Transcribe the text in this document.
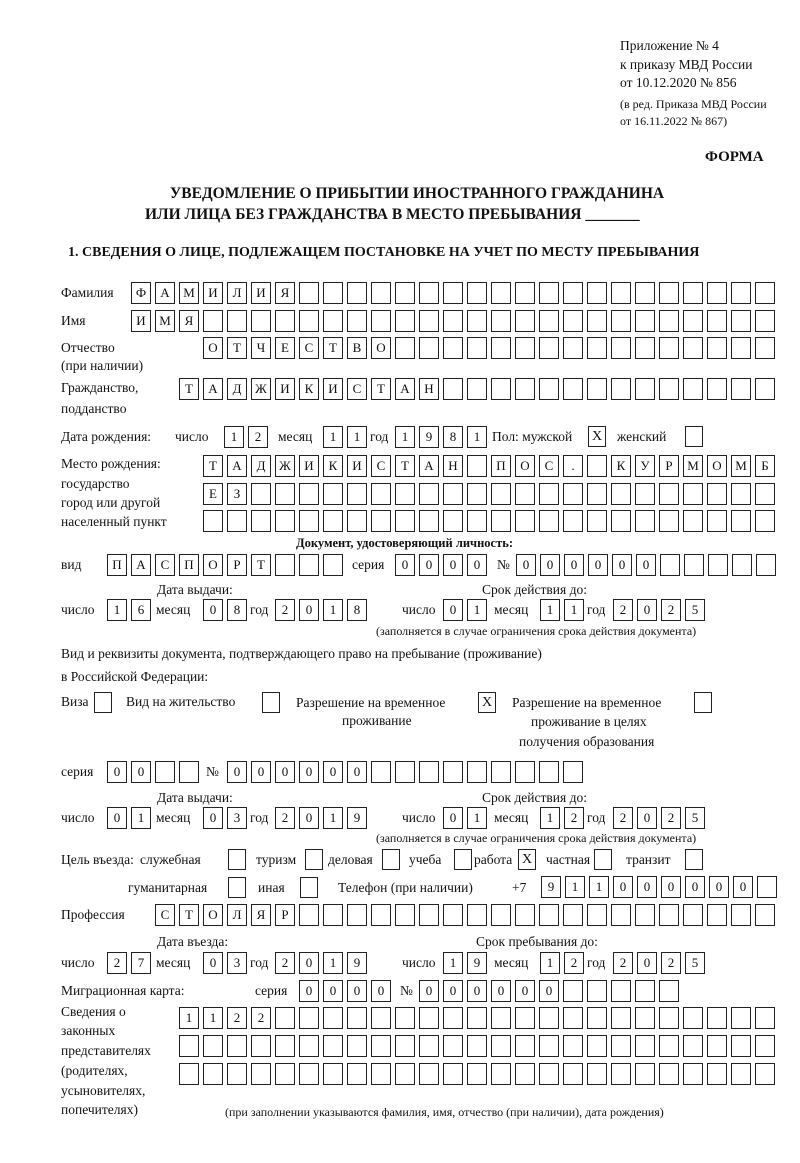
Приложение № 4
к приказу МВД России
от 10.12.2020 № 856
(в ред. Приказа МВД России
от 16.11.2022 № 867)
ФОРМА
УВЕДОМЛЕНИЕ О ПРИБЫТИИ ИНОСТРАННОГО ГРАЖДАНИНА
ИЛИ ЛИЦА БЕЗ ГРАЖДАНСТВА В МЕСТО ПРЕБЫВАНИЯ _______
1. СВЕДЕНИЯ О ЛИЦЕ, ПОДЛЕЖАЩЕМ ПОСТАНОВКЕ НА УЧЕТ ПО МЕСТУ ПРЕБЫВАНИЯ
Фамилия	Ф	А	М	И	Л	И	Я
Имя	И	М	Я
Отчество
(при наличии)
О	Т	Ч	Е	С	Т	В	О
Гражданство,
подданство
Т	А	Д	Ж	И	К	И	С	Т	А	Н
Дата рождения: число	1	2	месяц	1	1 год	1	9	8	1 Пол: мужской X женский
Место рождения:
государство
город или другой
населенный пункт
Т	А	Д	Ж	И	К	И	С	Т	А	Н	П	О	С	.	К	У	Р	М	О	М	Б
Е	З
Документ, удостоверяющий личность:
вид	П	А	С	П	О	Р	Т	серия	0	0	0	0	№ 0	0	0	0	0	0
Дата выдачи:	Срок действия до:
число	1	6 месяц	0	8 год	2	0	1	8	число	0	1	месяц	1	1 год	2	0	2	5
(заполняется в случае ограничения срока действия документа)
Вид и реквизиты документа, подтверждающего право на пребывание (проживание)
в Российской Федерации:
Виза	Вид на жительство	Разрешение на временное
проживание
X Разрешение на временное
проживание в целях
получения образования
серия	0	0	№	0	0	0	0	0	0
Дата выдачи:	Срок действия до:
число	0	1 месяц	0	3 год	2	0	1	9	число	0	1	месяц	1	2 год	2	0	2	5
(заполняется в случае ограничения срока действия документа)
Цель въезда: служебная	туризм деловая	учеба работа X частная	транзит
гуманитарная	иная	Телефон (при наличии)	+7	9	1	1	0	0	0	0	0	0
Профессия	С	Т	О	Л	Я	Р
Дата въезда:	Срок пребывания до:
число	2	7 месяц	0	3 год	2	0	1	9	число	1	9	месяц	1	2 год	2	0	2	5
Миграционная карта:	серия	0	0	0	0	№ 0	0	0	0	0	0
Сведения о
законных
представителях
(родителях,
усыновителях,
попечителях)
1	1	2	2
(при заполнении указываются фамилия, имя, отчество (при наличии), дата рождения)
